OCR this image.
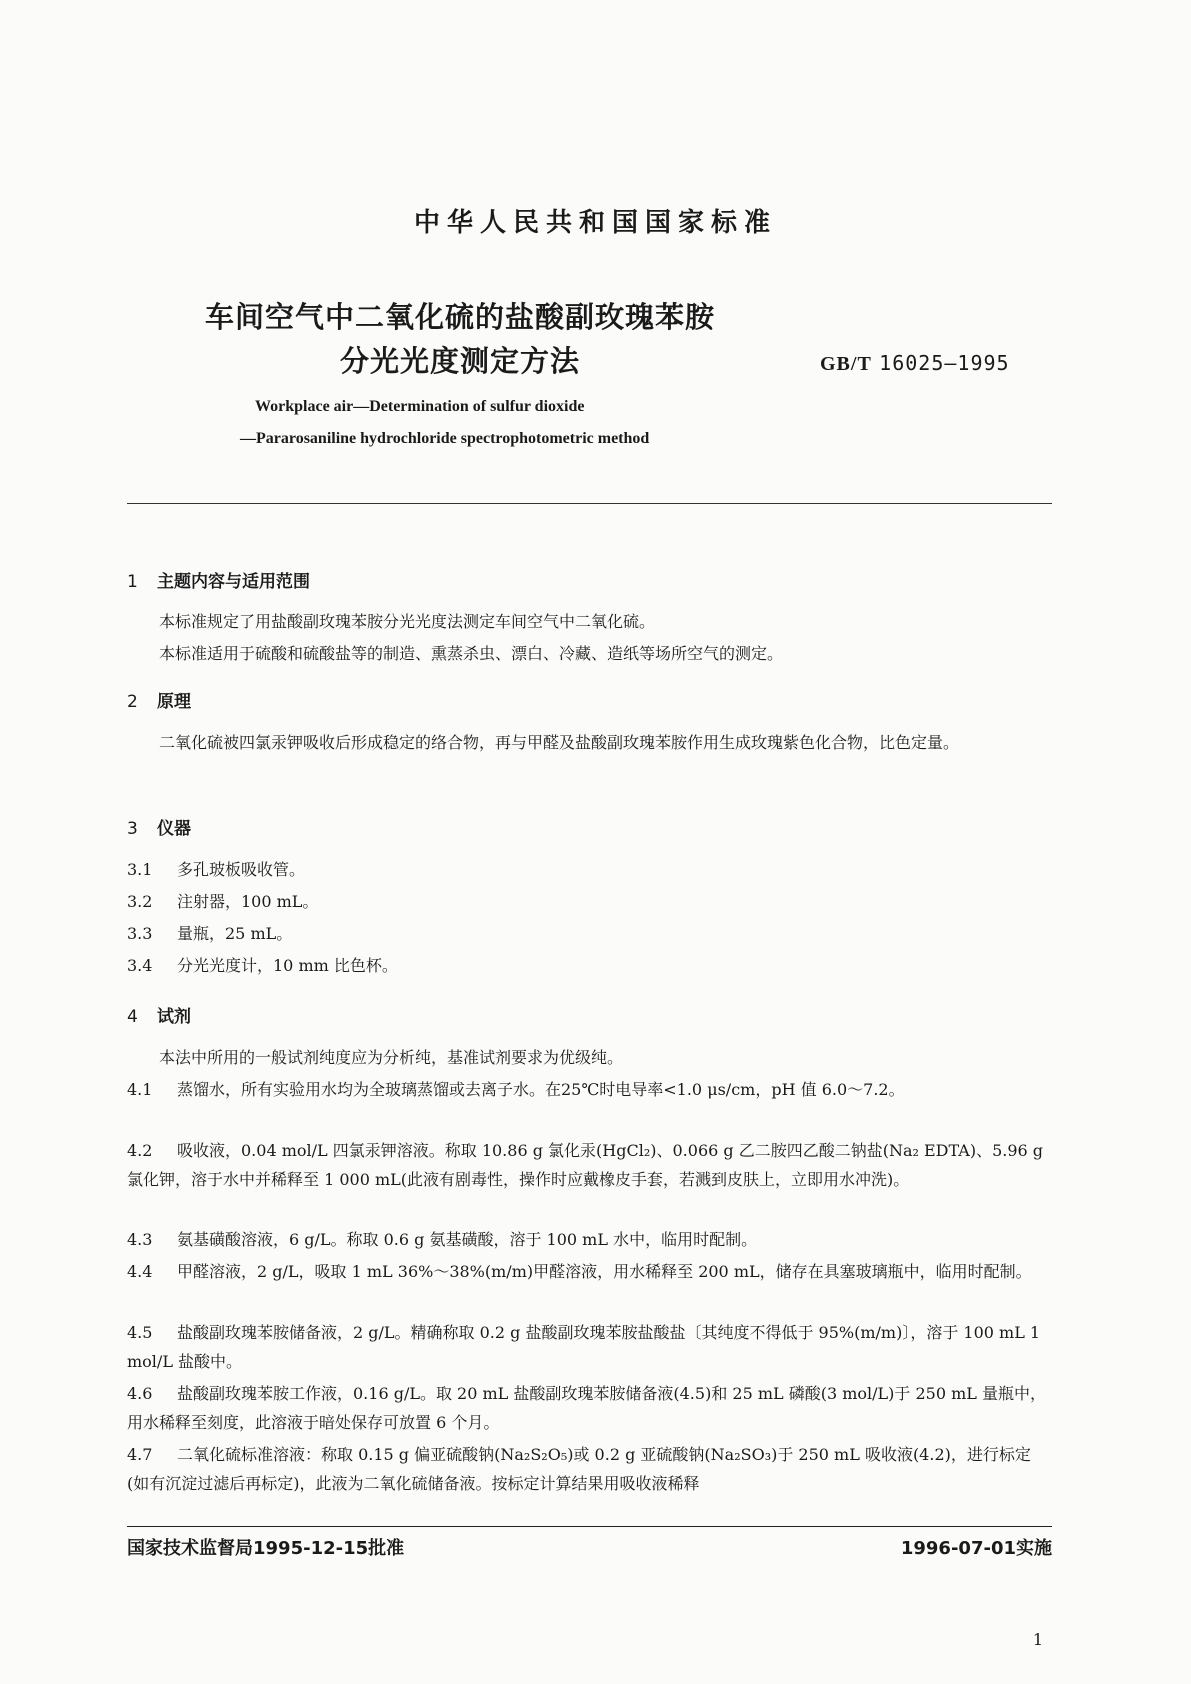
中华人民共和国国家标准
车间空气中二氧化硫的盐酸副玫瑰苯胺
分光光度测定方法	GB/T 16025—1995
Workplace air—Determination of sulfur dioxide
—Pararosaniline hydrochloride spectrophotometric method
1 主题内容与适用范围
本标准规定了用盐酸副玫瑰苯胺分光光度法测定车间空气中二氧化硫。
本标准适用于硫酸和硫酸盐等的制造、熏蒸杀虫、漂白、冷藏、造纸等场所空气的测定。
2 原理
二氧化硫被四氯汞钾吸收后形成稳定的络合物，再与甲醛及盐酸副玫瑰苯胺作用生成玫瑰紫色化合物，比色定量。
3 仪器
3.1 多孔玻板吸收管。
3.2 注射器，100 mL。
3.3 量瓶，25 mL。
3.4 分光光度计，10 mm 比色杯。
4 试剂
本法中所用的一般试剂纯度应为分析纯，基准试剂要求为优级纯。
4.1 蒸馏水，所有实验用水均为全玻璃蒸馏或去离子水。在25℃时电导率<1.0 μs/cm，pH 值 6.0～7.2。
4.2 吸收液，0.04 mol/L 四氯汞钾溶液。称取 10.86 g 氯化汞(HgCl₂)、0.066 g 乙二胺四乙酸二钠盐(Na₂ EDTA)、5.96 g 氯化钾，溶于水中并稀释至 1 000 mL(此液有剧毒性，操作时应戴橡皮手套，若溅到皮肤上，立即用水冲洗)。
4.3 氨基磺酸溶液，6 g/L。称取 0.6 g 氨基磺酸，溶于 100 mL 水中，临用时配制。
4.4 甲醛溶液，2 g/L，吸取 1 mL 36%～38%(m/m)甲醛溶液，用水稀释至 200 mL，储存在具塞玻璃瓶中，临用时配制。
4.5 盐酸副玫瑰苯胺储备液，2 g/L。精确称取 0.2 g 盐酸副玫瑰苯胺盐酸盐〔其纯度不得低于 95%(m/m)〕，溶于 100 mL 1 mol/L 盐酸中。
4.6 盐酸副玫瑰苯胺工作液，0.16 g/L。取 20 mL 盐酸副玫瑰苯胺储备液(4.5)和 25 mL 磷酸(3 mol/L)于 250 mL 量瓶中，用水稀释至刻度，此溶液于暗处保存可放置 6 个月。
4.7 二氧化硫标准溶液：称取 0.15 g 偏亚硫酸钠(Na₂S₂O₅)或 0.2 g 亚硫酸钠(Na₂SO₃)于 250 mL 吸收液(4.2)，进行标定(如有沉淀过滤后再标定)，此液为二氧化硫储备液。按标定计算结果用吸收液稀释
国家技术监督局1995-12-15批准	1996-07-01实施
1
